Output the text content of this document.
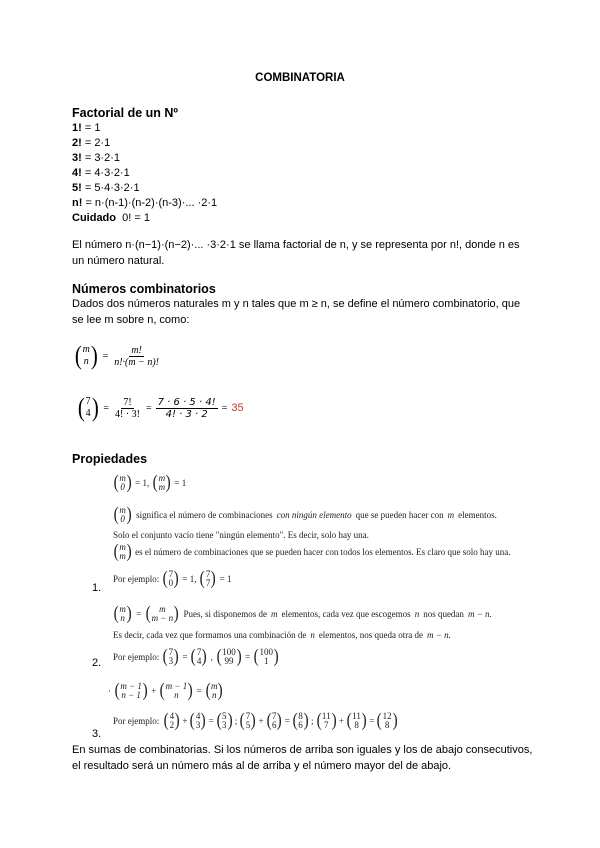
COMBINATORIA
Factorial de un Nº
1! = 1
2! = 2·1
3! = 3·2·1
4! = 4·3·2·1
5! = 5·4·3·2·1
n! = n·(n-1)·(n-2)·(n-3)·... ·2·1
Cuidado 0! = 1
El número n·(n−1)·(n−2)·... ·3·2·1 se llama factorial de n, y se representa por n!, donde n es un número natural.
Números combinatorios
Dados dos números naturales m y n tales que m ≥ n, se define el número combinatorio, que se lee m sobre n, como:
( m
n ) = $\frac{m!}{n!\cdot(m - n)!}$
( 7
4 ) = $\frac{7!}{4! \cdot 3!} = \frac{7 \cdot 6 \cdot 5 \cdot 4!}{4! \cdot 3 \cdot 2} = 35$
Propiedades
( m
0 ) = 1, ( m
m ) = 1
( m
0 ) significa el número de combinaciones con ningún elemento que se pueden hacer con m elementos.
Solo el conjunto vacío tiene "ningún elemento". Es decir, solo hay una.
( m
m ) es el número de combinaciones que se pueden hacer con todos los elementos. Es claro que solo hay una.
Por ejemplo: ( 7
0 ) = 1, ( 7
7 ) = 1
1.
( m
n ) = ( m
m − n ) Pues, si disponemos de m elementos, cada vez que escogemos n nos quedan m − n.
Es decir, cada vez que formamos una combinación de n elementos, nos queda otra de m − n.
Por ejemplo: ( 7
3 ) = ( 7
4 ) , ( 100
99 ) = ( 100
1 )
2.
· ( m − 1
n − 1 ) + ( m − 1
n ) = ( m
n )
Por ejemplo: ( 4
2 ) + ( 4
3 ) = ( 5
3 ) ; ( 7
5 ) + ( 7
6 ) = ( 8
6 ) ; ( 11
7 ) + ( 11
8 ) = ( 12
8 )
3.
En sumas de combinatorias. Si los números de arriba son iguales y los de abajo consecutivos, el resultado será un número más al de arriba y el número mayor del de abajo.
